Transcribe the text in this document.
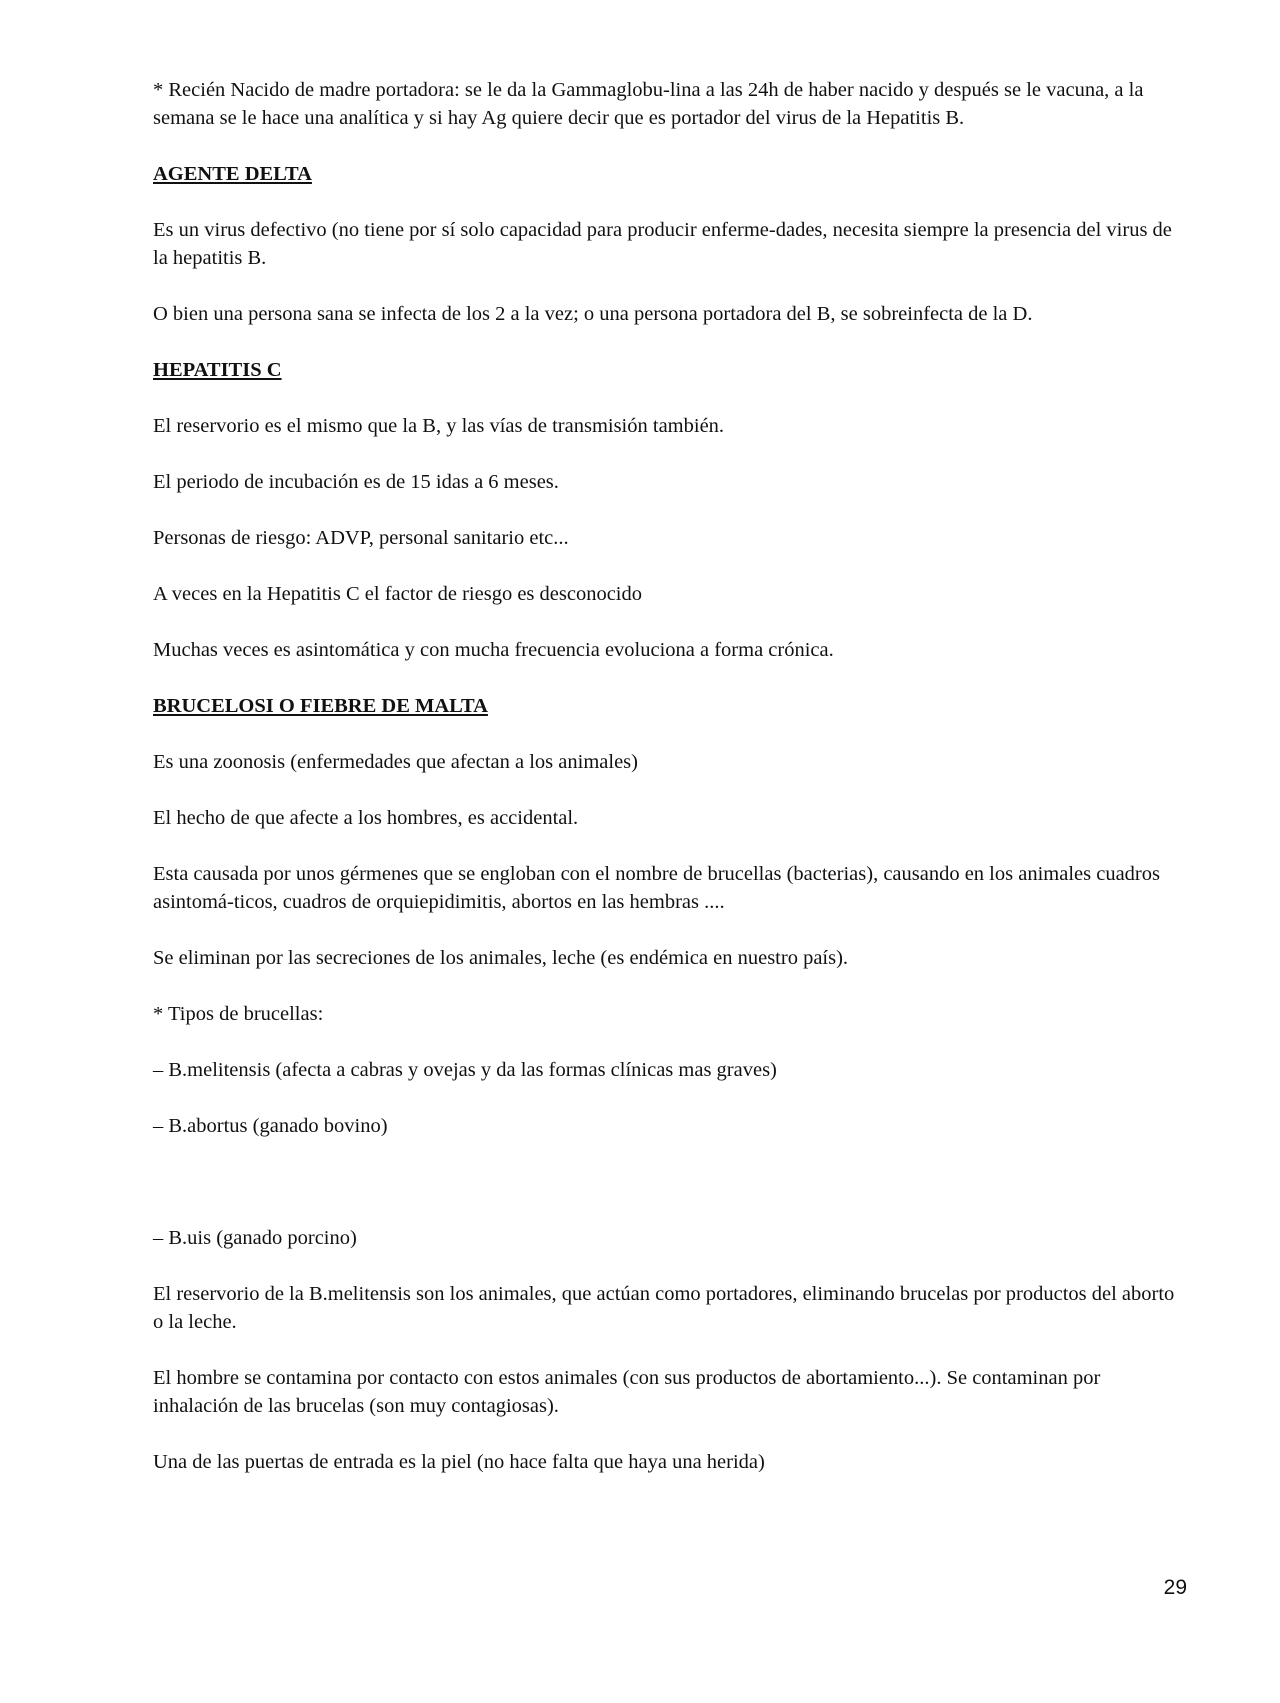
* Recién Nacido de madre portadora: se le da la Gammaglobu-lina a las 24h de haber nacido y después se le vacuna, a la semana se le hace una analítica y si hay Ag quiere decir que es portador del virus de la Hepatitis B.

AGENTE DELTA

Es un virus defectivo (no tiene por sí solo capacidad para producir enferme-dades, necesita siempre la presencia del virus de la hepatitis B.

O bien una persona sana se infecta de los 2 a la vez; o una persona portadora del B, se sobreinfecta de la D.

HEPATITIS C

El reservorio es el mismo que la B, y las vías de transmisión también.

El periodo de incubación es de 15 idas a 6 meses.

Personas de riesgo: ADVP, personal sanitario etc...

A veces en la Hepatitis C el factor de riesgo es desconocido

Muchas veces es asintomática y con mucha frecuencia evoluciona a forma crónica.

BRUCELOSI O FIEBRE DE MALTA

Es una zoonosis (enfermedades que afectan a los animales)

El hecho de que afecte a los hombres, es accidental.

Esta causada por unos gérmenes que se engloban con el nombre de brucellas (bacterias), causando en los animales cuadros asintomá-ticos, cuadros de orquiepidimitis, abortos en las hembras ....

Se eliminan por las secreciones de los animales, leche (es endémica en nuestro país).

* Tipos de brucellas:

– B.melitensis (afecta a cabras y ovejas y da las formas clínicas mas graves)

– B.abortus (ganado bovino)

– B.uis (ganado porcino)

El reservorio de la B.melitensis son los animales, que actúan como portadores, eliminando brucelas por productos del aborto o la leche.

El hombre se contamina por contacto con estos animales (con sus productos de abortamiento...). Se contaminan por inhalación de las brucelas (son muy contagiosas).

Una de las puertas de entrada es la piel (no hace falta que haya una herida)

29
